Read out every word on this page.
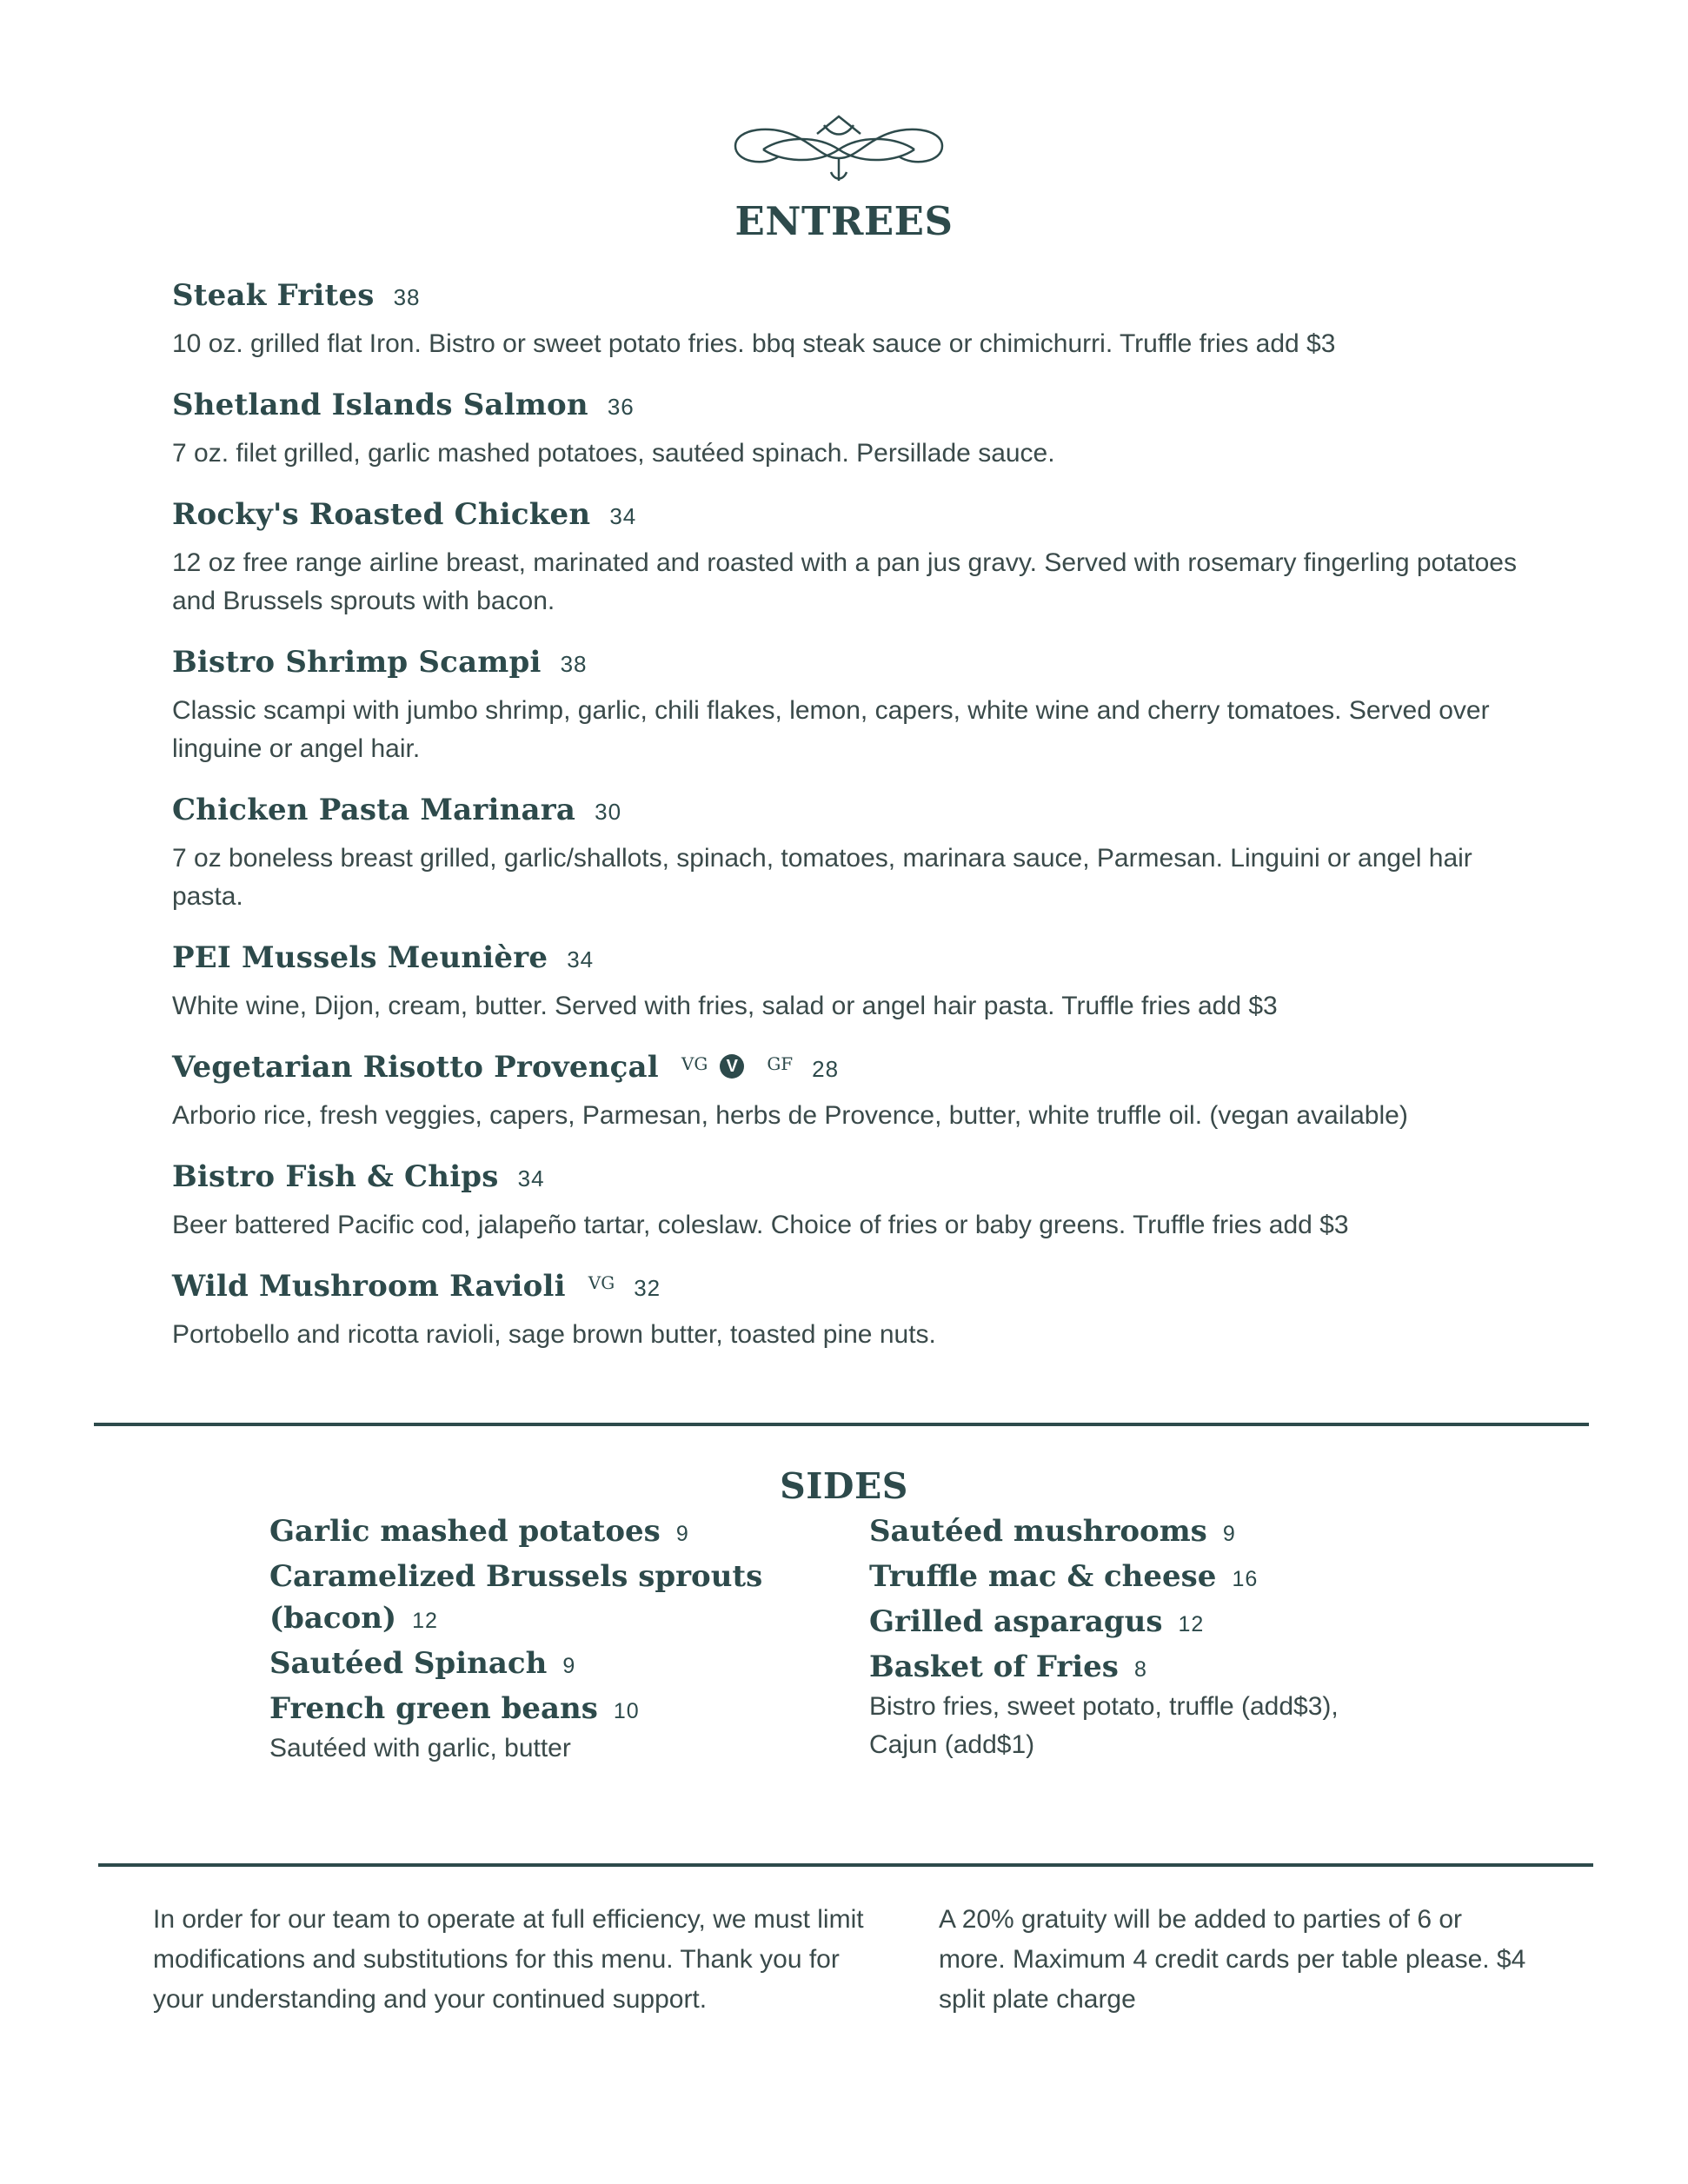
ENTREES
Steak Frites 38
10 oz. grilled flat Iron. Bistro or sweet potato fries. bbq steak sauce or chimichurri. Truffle fries add $3
Shetland Islands Salmon 36
7 oz. filet grilled, garlic mashed potatoes, sautéed spinach. Persillade sauce.
Rocky's Roasted Chicken 34
12 oz free range airline breast, marinated and roasted with a pan jus gravy. Served with rosemary fingerling potatoes and Brussels sprouts with bacon.
Bistro Shrimp Scampi 38
Classic scampi with jumbo shrimp, garlic, chili flakes, lemon, capers, white wine and cherry tomatoes. Served over linguine or angel hair.
Chicken Pasta Marinara 30
7 oz boneless breast grilled, garlic/shallots, spinach, tomatoes, marinara sauce, Parmesan. Linguini or angel hair pasta.
PEI Mussels Meunière 34
White wine, Dijon, cream, butter. Served with fries, salad or angel hair pasta. Truffle fries add $3
Vegetarian Risotto Provençal VG	V	GF 28
Arborio rice, fresh veggies, capers, Parmesan, herbs de Provence, butter, white truffle oil. (vegan available)
Bistro Fish & Chips 34
Beer battered Pacific cod, jalapeño tartar, coleslaw. Choice of fries or baby greens. Truffle fries add $3
Wild Mushroom Ravioli VG 32
Portobello and ricotta ravioli, sage brown butter, toasted pine nuts.
SIDES
Garlic mashed potatoes 9
Caramelized Brussels sprouts
(bacon) 12
Sautéed Spinach 9
French green beans 10
Sautéed with garlic, butter
Sautéed mushrooms 9
Truffle mac & cheese 16
Grilled asparagus 12
Basket of Fries 8
Bistro fries, sweet potato, truffle (add$3),
Cajun (add$1)
In order for our team to operate at full efficiency, we must limit modifications and substitutions for this menu. Thank you for your understanding and your continued support.
A 20% gratuity will be added to parties of 6 or more. Maximum 4 credit cards per table please. $4 split plate charge
